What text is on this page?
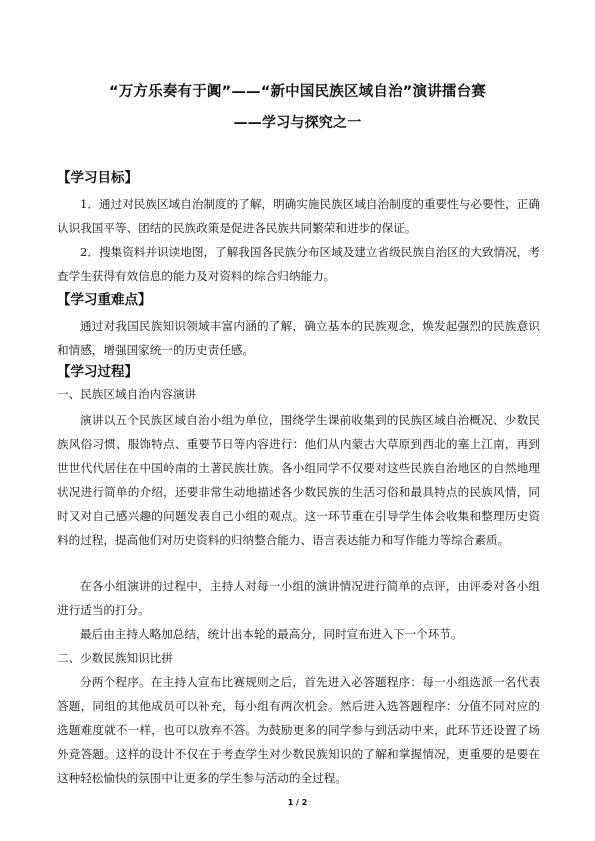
“万方乐奏有于阗”——“新中国民族区域自治”演讲擂台赛
——学习与探究之一
【学习目标】

1．通过对民族区域自治制度的了解，明确实施民族区域自治制度的重要性与必要性，正确认识我国平等、团结的民族政策是促进各民族共同繁荣和进步的保证。

2．搜集资料并识读地图，了解我国各民族分布区域及建立省级民族自治区的大致情况，考查学生获得有效信息的能力及对资料的综合归纳能力。

【学习重难点】

通过对我国民族知识领域丰富内涵的了解，确立基本的民族观念，焕发起强烈的民族意识和情感，增强国家统一的历史责任感。

【学习过程】
一、民族区域自治内容演讲

演讲以五个民族区域自治小组为单位，围绕学生课前收集到的民族区域自治概况、少数民族风俗习惯、服饰特点、重要节日等内容进行：他们从内蒙古大草原到西北的塞上江南，再到世世代代居住在中国岭南的土著民族壮族。各小组同学不仅要对这些民族自治地区的自然地理状况进行简单的介绍，还要非常生动地描述各少数民族的生活习俗和最具特点的民族风情，同时又对自己感兴趣的问题发表自己小组的观点。这一环节重在引导学生体会收集和整理历史资料的过程，提高他们对历史资料的归纳整合能力、语言表达能力和写作能力等综合素质。

在各小组演讲的过程中，主持人对每一小组的演讲情况进行简单的点评，由评委对各小组进行适当的打分。

最后由主持人略加总结，统计出本轮的最高分，同时宣布进入下一个环节。

二、少数民族知识比拼

分两个程序。在主持人宣布比赛规则之后，首先进入必答题程序：每一小组选派一名代表答题，同组的其他成员可以补充，每小组有两次机会。然后进入选答题程序：分值不同对应的选题难度就不一样，也可以放弃不答。为鼓励更多的同学参与到活动中来，此环节还设置了场外竞答题。这样的设计不仅在于考查学生对少数民族知识的了解和掌握情况，更重要的是要在这种轻松愉快的氛围中让更多的学生参与活动的全过程。

1 / 2
